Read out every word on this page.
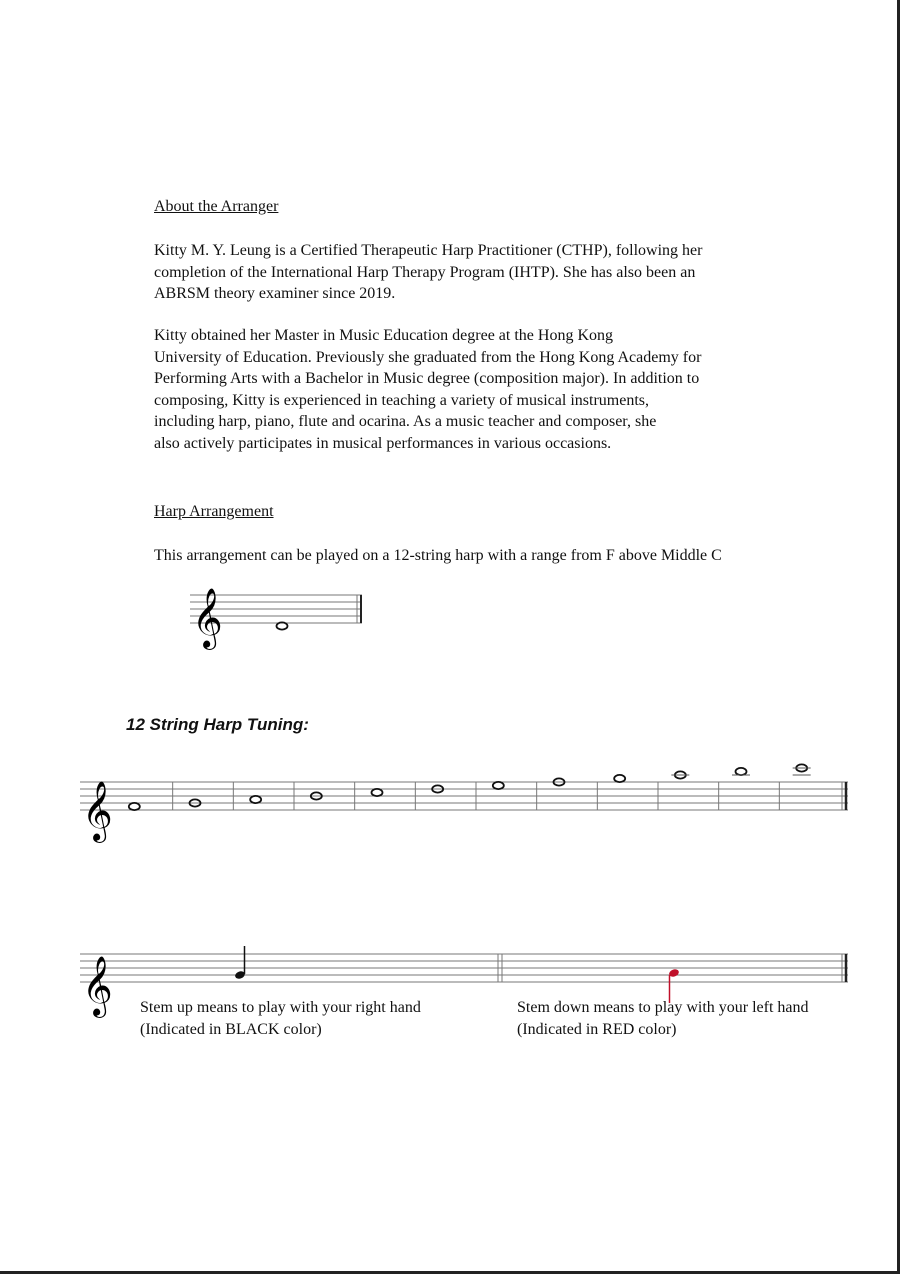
About the Arranger

Kitty M. Y. Leung is a Certified Therapeutic Harp Practitioner (CTHP), following her
completion of the International Harp Therapy Program (IHTP). She has also been an
ABRSM theory examiner since 2019.

Kitty obtained her Master in Music Education degree at the Hong Kong
University of Education. Previously she graduated from the Hong Kong Academy for
Performing Arts with a Bachelor in Music degree (composition major). In addition to
composing, Kitty is experienced in teaching a variety of musical instruments,
including harp, piano, flute and ocarina. As a music teacher and composer, she
also actively participates in musical performances in various occasions.

Harp Arrangement

This arrangement can be played on a 12-string harp with a range from F above Middle C

𝄞
12 String Harp Tuning:
𝄞
𝄞 Stem up means to play with your right hand
(Indicated in BLACK color)
Stem down means to play with your left hand
(Indicated in RED color)
